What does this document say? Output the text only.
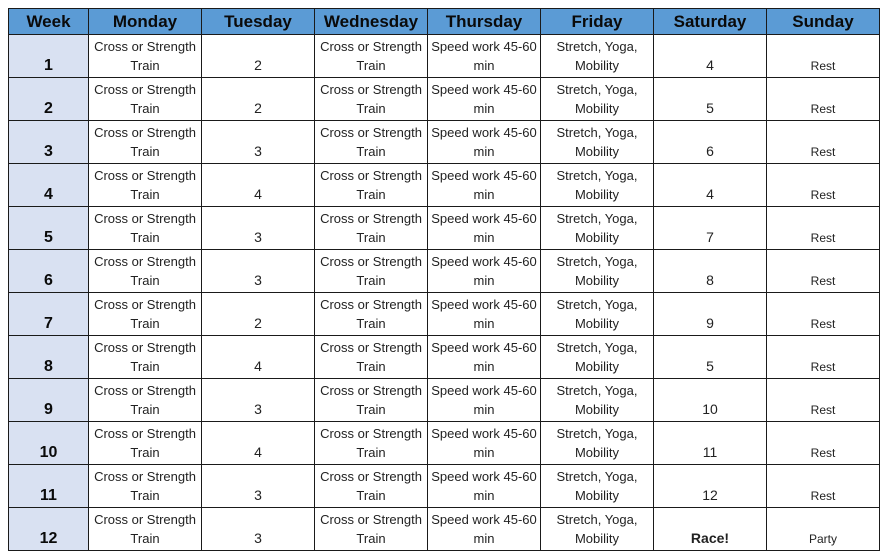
Week	Monday	Tuesday	Wednesday	Thursday	Friday	Saturday	Sunday
1	Cross or Strength Train	2	Cross or Strength Train	Speed work 45-60 min	Stretch, Yoga, Mobility	4	Rest
2	Cross or Strength Train	2	Cross or Strength Train	Speed work 45-60 min	Stretch, Yoga, Mobility	5	Rest
3	Cross or Strength Train	3	Cross or Strength Train	Speed work 45-60 min	Stretch, Yoga, Mobility	6	Rest
4	Cross or Strength Train	4	Cross or Strength Train	Speed work 45-60 min	Stretch, Yoga, Mobility	4	Rest
5	Cross or Strength Train	3	Cross or Strength Train	Speed work 45-60 min	Stretch, Yoga, Mobility	7	Rest
6	Cross or Strength Train	3	Cross or Strength Train	Speed work 45-60 min	Stretch, Yoga, Mobility	8	Rest
7	Cross or Strength Train	2	Cross or Strength Train	Speed work 45-60 min	Stretch, Yoga, Mobility	9	Rest
8	Cross or Strength Train	4	Cross or Strength Train	Speed work 45-60 min	Stretch, Yoga, Mobility	5	Rest
9	Cross or Strength Train	3	Cross or Strength Train	Speed work 45-60 min	Stretch, Yoga, Mobility	10	Rest
10	Cross or Strength Train	4	Cross or Strength Train	Speed work 45-60 min	Stretch, Yoga, Mobility	11	Rest
11	Cross or Strength Train	3	Cross or Strength Train	Speed work 45-60 min	Stretch, Yoga, Mobility	12	Rest
12	Cross or Strength Train	3	Cross or Strength Train	Speed work 45-60 min	Stretch, Yoga, Mobility	Race!	Party
